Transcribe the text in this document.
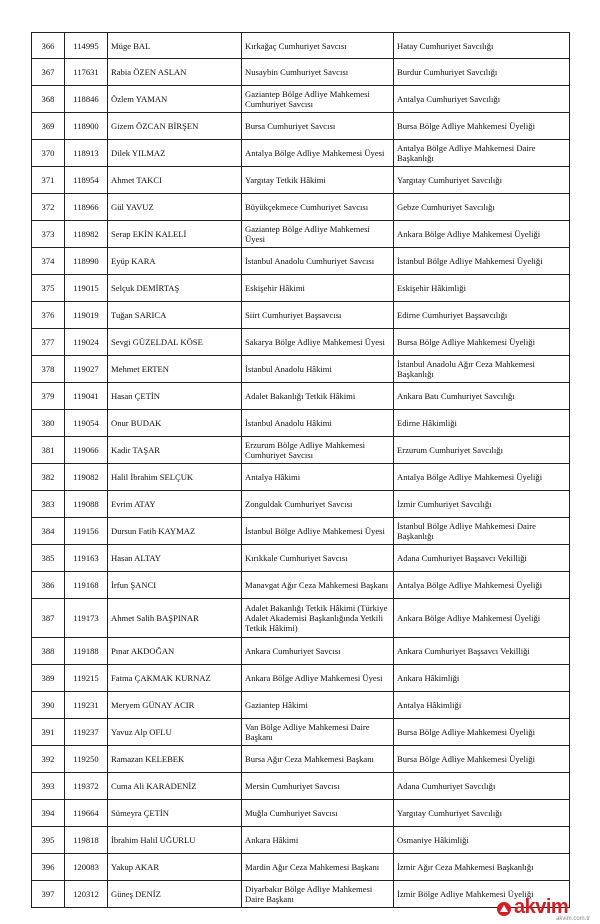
366	114995	Müge BAL	Kırkağaç Cumhuriyet Savcısı	Hatay Cumhuriyet Savcılığı
367	117631	Rabia ÖZEN ASLAN	Nusaybin Cumhuriyet Savcısı	Burdur Cumhuriyet Savcılığı
368	118846	Özlem YAMAN	Gaziantep Bölge Adliye Mahkemesi Cumhuriyet Savcısı	Antalya Cumhuriyet Savcılığı
369	118900	Gizem ÖZCAN BİRŞEN	Bursa Cumhuriyet Savcısı	Bursa Bölge Adliye Mahkemesi Üyeliği
370	118913	Dilek YILMAZ	Antalya Bölge Adliye Mahkemesi Üyesi	Antalya Bölge Adliye Mahkemesi Daire Başkanlığı
371	118954	Ahmet TAKCI	Yargıtay Tetkik Hâkimi	Yargıtay Cumhuriyet Savcılığı
372	118966	Gül YAVUZ	Büyükçekmece Cumhuriyet Savcısı	Gebze Cumhuriyet Savcılığı
373	118982	Serap EKİN KALELİ	Gaziantep Bölge Adliye Mahkemesi Üyesi	Ankara Bölge Adliye Mahkemesi Üyeliği
374	118990	Eyüp KARA	İstanbul Anadolu Cumhuriyet Savcısı	İstanbul Bölge Adliye Mahkemesi Üyeliği
375	119015	Selçuk DEMİRTAŞ	Eskişehir Hâkimi	Eskişehir Hâkimliği
376	119019	Tuğan SARICA	Siirt Cumhuriyet Başsavcısı	Edirne Cumhuriyet Başsavcılığı
377	119024	Sevgi GÜZELDAL KÖSE	Sakarya Bölge Adliye Mahkemesi Üyesi	Bursa Bölge Adliye Mahkemesi Üyeliği
378	119027	Mehmet ERTEN	İstanbul Anadolu Hâkimi	İstanbul Anadolu Ağır Ceza Mahkemesi Başkanlığı
379	119041	Hasan ÇETİN	Adalet Bakanlığı Tetkik Hâkimi	Ankara Batı Cumhuriyet Savcılığı
380	119054	Onur BUDAK	İstanbul Anadolu Hâkimi	Edirne Hâkimliği
381	119066	Kadir TAŞAR	Erzurum Bölge Adliye Mahkemesi Cumhuriyet Savcısı	Erzurum Cumhuriyet Savcılığı
382	119082	Halil İbrahim SELÇUK	Antalya Hâkimi	Antalya Bölge Adliye Mahkemesi Üyeliği
383	119088	Evrim ATAY	Zonguldak Cumhuriyet Savcısı	İzmir Cumhuriyet Savcılığı
384	119156	Dursun Fatih KAYMAZ	İstanbul Bölge Adliye Mahkemesi Üyesi	İstanbul Bölge Adliye Mahkemesi Daire Başkanlığı
385	119163	Hasan ALTAY	Kırıkkale Cumhuriyet Savcısı	Adana Cumhuriyet Başsavcı Vekilliği
386	119168	İrfun ŞANCI	Manavgat Ağır Ceza Mahkemesi Başkanı	Antalya Bölge Adliye Mahkemesi Üyeliği
387	119173	Ahmet Salih BAŞPINAR	Adalet Bakanlığı Tetkik Hâkimi (Türkiye Adalet Akademisi Başkanlığında Yetkili Tetkik Hâkimi)	Ankara Bölge Adliye Mahkemesi Üyeliği
388	119188	Pınar AKDOĞAN	Ankara Cumhuriyet Savcısı	Ankara Cumhuriyet Başsavcı Vekilliği
389	119215	Fatma ÇAKMAK KURNAZ	Ankara Bölge Adliye Mahkemesi Üyesi	Ankara Hâkimliği
390	119231	Meryem GÜNAY ACIR	Gaziantep Hâkimi	Antalya Hâkimliği
391	119237	Yavuz Alp OFLU	Van Bölge Adliye Mahkemesi Daire Başkanı	Bursa Bölge Adliye Mahkemesi Üyeliği
392	119250	Ramazan KELEBEK	Bursa Ağır Ceza Mahkemesi Başkanı	Bursa Bölge Adliye Mahkemesi Üyeliği
393	119372	Cuma Ali KARADENİZ	Mersin Cumhuriyet Savcısı	Adana Cumhuriyet Savcılığı
394	119664	Sümeyra ÇETİN	Muğla Cumhuriyet Savcısı	Yargıtay Cumhuriyet Savcılığı
395	119818	İbrahim Halil UĞURLU	Ankara Hâkimi	Osmaniye Hâkimliği
396	120083	Yakup AKAR	Mardin Ağır Ceza Mahkemesi Başkanı	İzmir Ağır Ceza Mahkemesi Başkanlığı
397	120312	Güneş DENİZ	Diyarbakır Bölge Adliye Mahkemesi Daire Başkanı	İzmir Bölge Adliye Mahkemesi Üyeliği
akvim
akvim.com.tr
